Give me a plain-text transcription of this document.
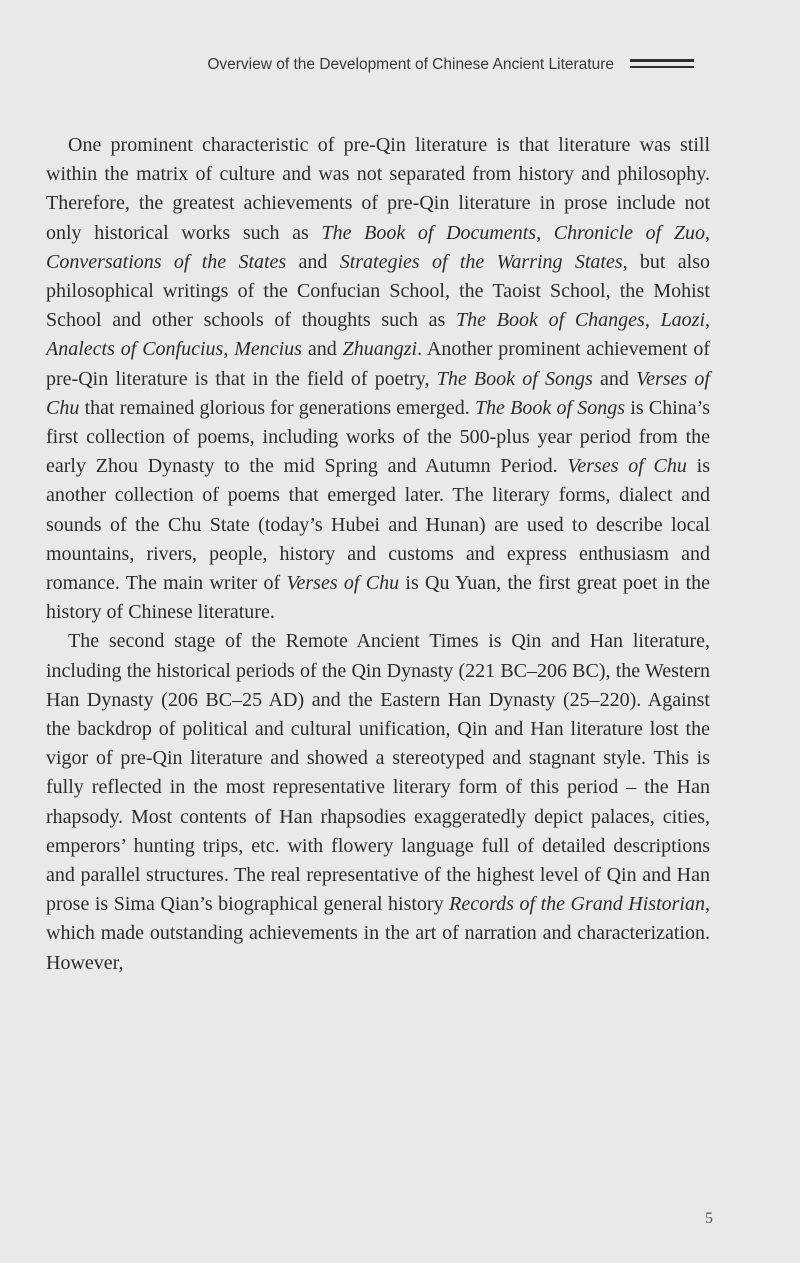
Overview of the Development of Chinese Ancient Literature

One prominent characteristic of pre-Qin literature is that literature was still within the matrix of culture and was not separated from history and philosophy. Therefore, the greatest achievements of pre-Qin literature in prose include not only historical works such as The Book of Documents, Chronicle of Zuo, Conversations of the States and Strategies of the Warring States, but also philosophical writings of the Confucian School, the Taoist School, the Mohist School and other schools of thoughts such as The Book of Changes, Laozi, Analects of Confucius, Mencius and Zhuangzi. Another prominent achievement of pre-Qin literature is that in the field of poetry, The Book of Songs and Verses of Chu that remained glorious for generations emerged. The Book of Songs is China’s first collection of poems, including works of the 500-plus year period from the early Zhou Dynasty to the mid Spring and Autumn Period. Verses of Chu is another collection of poems that emerged later. The literary forms, dialect and sounds of the Chu State (today’s Hubei and Hunan) are used to describe local mountains, rivers, people, history and customs and express enthusiasm and romance. The main writer of Verses of Chu is Qu Yuan, the first great poet in the history of Chinese literature.

The second stage of the Remote Ancient Times is Qin and Han literature, including the historical periods of the Qin Dynasty (221 BC–206 BC), the Western Han Dynasty (206 BC–25 AD) and the Eastern Han Dynasty (25–220). Against the backdrop of political and cultural unification, Qin and Han literature lost the vigor of pre-Qin literature and showed a stereotyped and stagnant style. This is fully reflected in the most representative literary form of this period – the Han rhapsody. Most contents of Han rhapsodies exaggeratedly depict palaces, cities, emperors’ hunting trips, etc. with flowery language full of detailed descriptions and parallel structures. The real representative of the highest level of Qin and Han prose is Sima Qian’s biographical general history Records of the Grand Historian, which made outstanding achievements in the art of narration and characterization. However,

5
